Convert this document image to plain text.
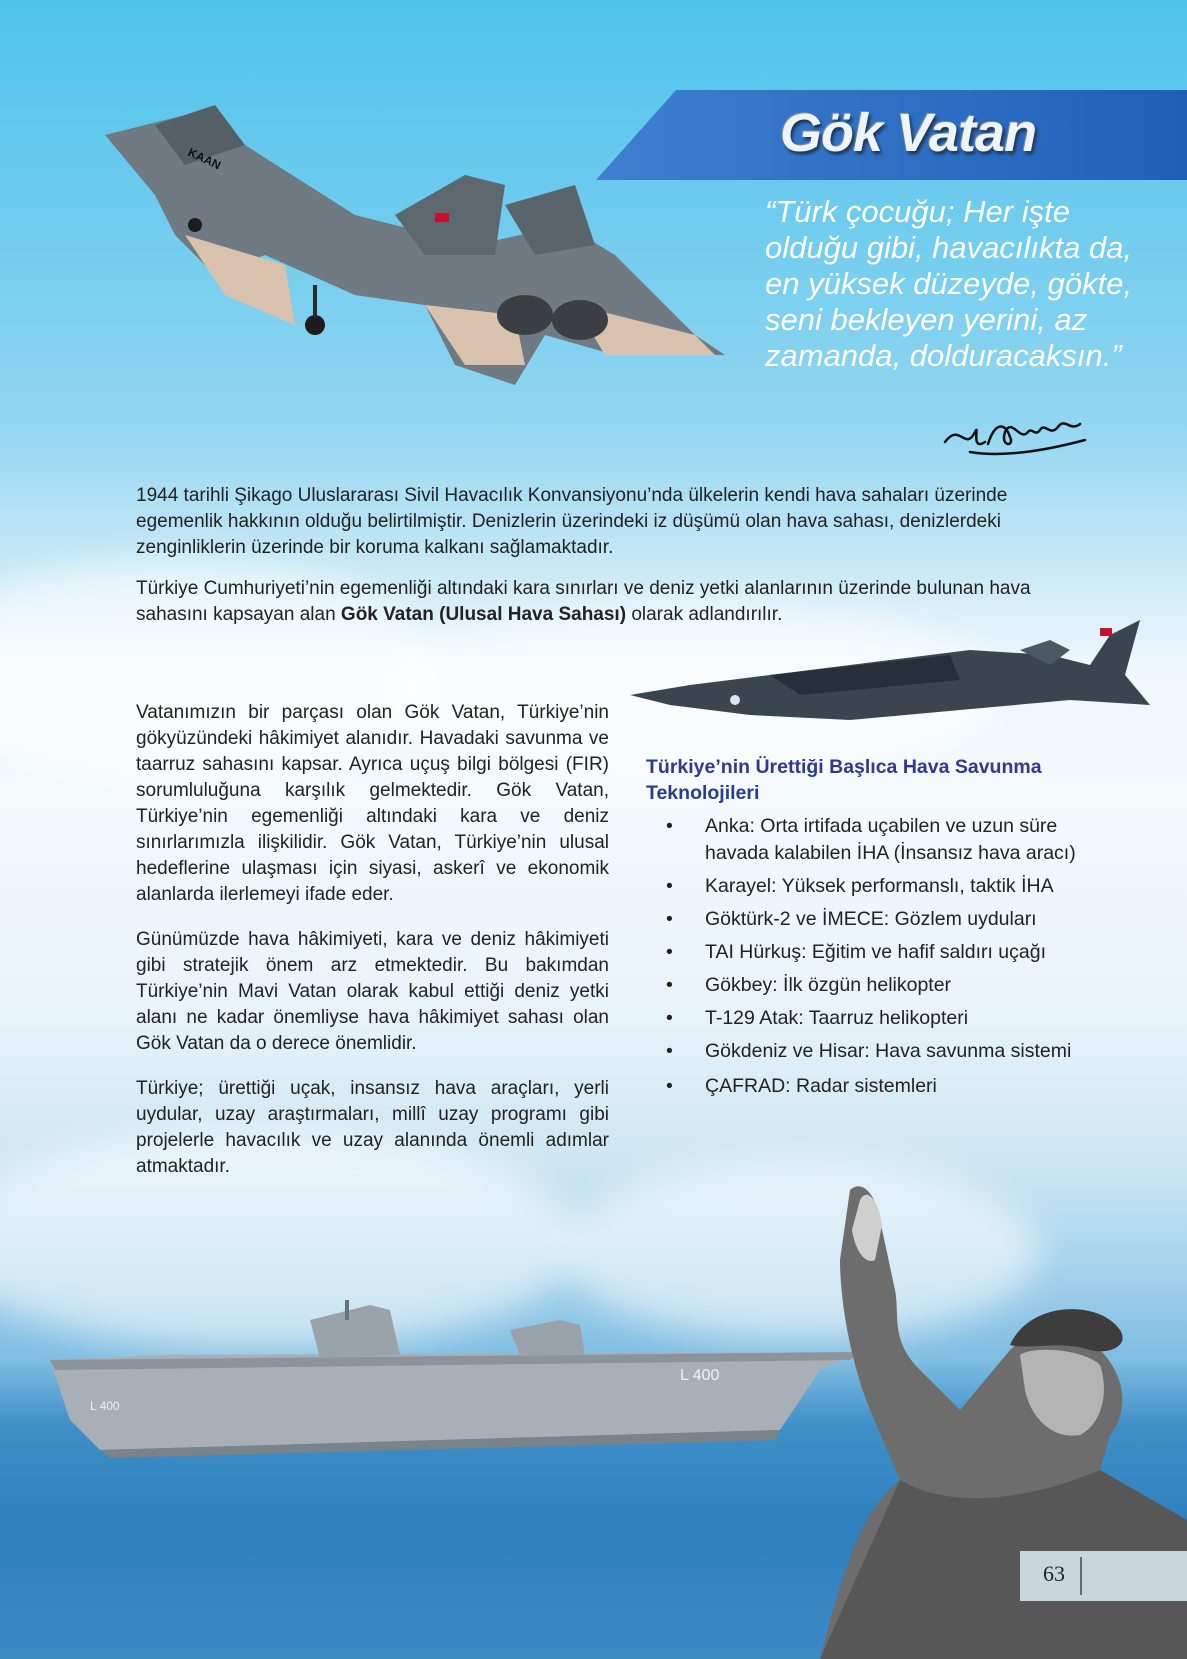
Gök Vatan
KAAN
“Türk çocuğu; Her işte olduğu gibi, havacılıkta da, en yüksek düzeyde, gökte, seni bekleyen yerini, az zamanda, dolduracaksın.”

1944 tarihli Şikago Uluslararası Sivil Havacılık Konvansiyonu’nda ülkelerin kendi hava sahaları üzerinde egemenlik hakkının olduğu belirtilmiştir. Denizlerin üzerindeki iz düşümü olan hava sahası, denizlerdeki zenginliklerin üzerinde bir koruma kalkanı sağlamaktadır.

Türkiye Cumhuriyeti’nin egemenliği altındaki kara sınırları ve deniz yetki alanlarının üzerinde bulunan hava sahasını kapsayan alan Gök Vatan (Ulusal Hava Sahası) olarak adlandırılır.

Vatanımızın bir parçası olan Gök Vatan, Türkiye’nin gökyüzündeki hâkimiyet alanıdır. Havadaki savunma ve taarruz sahasını kapsar. Ayrıca uçuş bilgi bölgesi (FIR) sorumluluğuna karşılık gelmektedir. Gök Vatan, Türkiye’nin egemenliği altındaki kara ve deniz sınırlarımızla ilişkilidir. Gök Vatan, Türkiye’nin ulusal hedeflerine ulaşması için siyasi, askerî ve ekonomik alanlarda ilerlemeyi ifade eder.

Günümüzde hava hâkimiyeti, kara ve deniz hâkimiyeti gibi stratejik önem arz etmektedir. Bu bakımdan Türkiye’nin Mavi Vatan olarak kabul ettiği deniz yetki alanı ne kadar önemliyse hava hâkimiyet sahası olan Gök Vatan da o derece önemlidir.

Türkiye; ürettiği uçak, insansız hava araçları, yerli uydular, uzay araştırmaları, millî uzay programı gibi projelerle havacılık ve uzay alanında önemli adımlar atmaktadır.

Türkiye’nin Ürettiği Başlıca Hava Savunma Teknolojileri
• Anka: Orta irtifada uçabilen ve uzun süre havada kalabilen İHA (İnsansız hava aracı)
• Karayel: Yüksek performanslı, taktik İHA
• Göktürk-2 ve İMECE: Gözlem uyduları
• TAI Hürkuş: Eğitim ve hafif saldırı uçağı
• Gökbey: İlk özgün helikopter
• T-129 Atak: Taarruz helikopteri
• Gökdeniz ve Hisar: Hava savunma sistemi
• ÇAFRAD: Radar sistemleri
L 400
L 400
63
